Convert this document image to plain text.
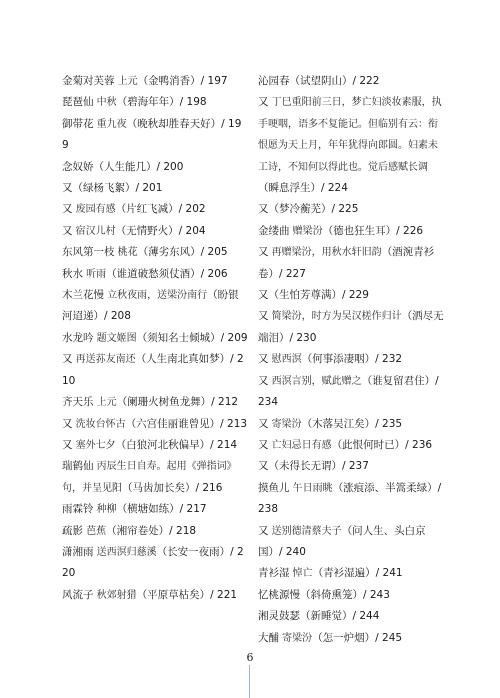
金菊对芙蓉 上元（金鸭消香）/ 197

琵琶仙 中秋（碧海年年）/ 198

御带花 重九夜（晚秋却胜春天好）/ 199

念奴娇（人生能几）/ 200

又（绿杨飞絮）/ 201

又 废园有感（片红飞减）/ 202

又 宿汉儿村（无情野火）/ 204

东风第一枝 桃花（薄劣东风）/ 205

秋水 听雨（谁道破愁须仗酒）/ 206

木兰花慢 立秋夜雨，送梁汾南行（盼银河迢递）/ 208

水龙吟 题文姬图（须知名士倾城）/ 209

又 再送荪友南还（人生南北真如梦）/ 210

齐天乐 上元（阑珊火树鱼龙舞）/ 212

又 洗妆台怀古（六宫佳丽谁曾见）/ 213

又 塞外七夕（白狼河北秋偏早）/ 214

瑞鹤仙 丙辰生日自寿。起用《弹指词》句，并呈见阳（马齿加长矣）/ 216

雨霖铃 种柳（横塘如练）/ 217

疏影 芭蕉（湘帘卷处）/ 218

潇湘雨 送西溟归慈溪（长安一夜雨）/ 220

风流子 秋郊射猎（平原草枯矣）/ 221

沁园春（试望阴山）/ 222

又 丁巳重阳前三日，梦亡妇淡妆素服，执手哽咽，语多不复能记。但临别有云：衔恨愿为天上月，年年犹得向郎圆。妇素未工诗，不知何以得此也。觉后感赋长调（瞬息浮生）/ 224

又（梦冷蘅芜）/ 225

金缕曲 赠梁汾（德也狂生耳）/ 226

又 再赠梁汾，用秋水轩旧韵（酒涴青衫卷）/ 227

又（生怕芳尊满）/ 229

又 简梁汾，时方为吴汉槎作归计（洒尽无端泪）/ 230

又 慰西溟（何事添凄咽）/ 232

又 西溟言别，赋此赠之（谁复留君住）/ 234

又 寄梁汾（木落吴江矣）/ 235

又 亡妇忌日有感（此恨何时已）/ 236

又（未得长无谓）/ 237

摸鱼儿 午日雨眺（涨痕添、半篙柔绿）/ 238

又 送别德清蔡夫子（问人生、头白京国）/ 240

青衫湿 悼亡（青衫湿遍）/ 241

忆桃源慢（斜倚熏笼）/ 243

湘灵鼓瑟（新睡觉）/ 244

大酺 寄梁汾（怎一炉烟）/ 245

6
